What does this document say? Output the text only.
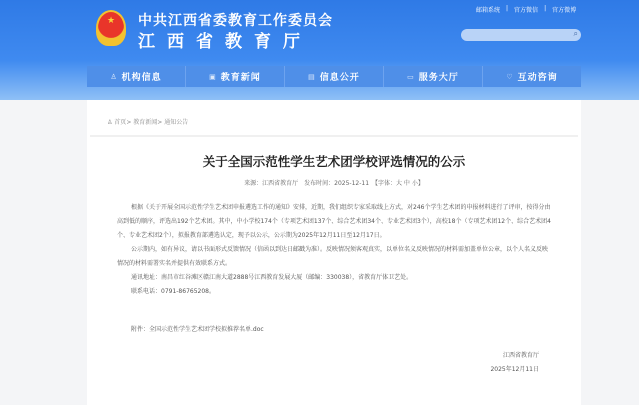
★ 中共江西省委教育工作委员会
江西省教育厅
邮箱系统 | 官方微信 | 官方微博
⌕
♙ 机构信息	▣ 教育新闻	▤ 信息公开	▭ 服务大厅	♡ 互动咨询
♙ 首页> 教育新闻> 通知公告
关于全国示范性学生艺术团学校评选情况的公示
来源：江西省教育厅　发布时间：2025-12-11　【字体：大 中 小】

根据《关于开展全国示范性学生艺术团申报遴选工作的通知》安排，近期，我们组织专家采取线上方式，对246个学生艺术团的申报材料进行了评审，按得分由高到低的顺序，评选出192个艺术团。其中，中小学校174个（专项艺术团137个、综合艺术团34个、专业艺术团3个），高校18个（专项艺术团12个、综合艺术团4个、专业艺术团2个），拟报教育部遴选认定，现予以公示，公示期为2025年12月11日至12月17日。

公示期内，如有异议，请以书面形式反馈情况（信函以到达日邮戳为准）。反映情况须客观真实，以单位名义反映情况的材料需加盖单位公章，以个人名义反映情况的材料需署实名并提供有效联系方式。

通讯地址：南昌市红谷滩区赣江南大道2888号江西教育发展大厦（邮编：330038），省教育厅体卫艺处。

联系电话：0791-86765208。

附件：全国示范性学生艺术团学校拟推荐名单.doc
江西省教育厅
2025年12月11日
